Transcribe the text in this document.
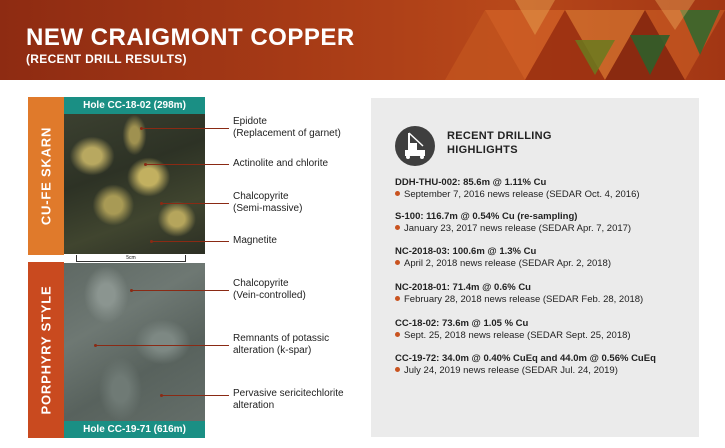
NEW CRAIGMONT COPPER
(RECENT DRILL RESULTS)
CU-FE SKARN
PORPHYRY STYLE
Hole CC-18-02 (298m)
5cm
Hole CC-19-71 (616m)
Epidote
(Replacement of garnet)
Actinolite and chlorite
Chalcopyrite
(Semi-massive)
Magnetite
Chalcopyrite
(Vein-controlled)
Remnants of potassic
alteration (k-spar)
Pervasive sericitechlorite
alteration
RECENT DRILLING
HIGHLIGHTS
DDH-THU-002: 85.6m @ 1.11% Cu
September 7, 2016 news release (SEDAR Oct. 4, 2016)
S-100: 116.7m @ 0.54% Cu (re-sampling)
January 23, 2017 news release (SEDAR Apr. 7, 2017)
NC-2018-03: 100.6m @ 1.3% Cu
April 2, 2018 news release (SEDAR Apr. 2, 2018)
NC-2018-01: 71.4m @ 0.6% Cu
February 28, 2018 news release (SEDAR Feb. 28, 2018)
CC-18-02: 73.6m @ 1.05 % Cu
Sept. 25, 2018 news release (SEDAR Sept. 25, 2018)
CC-19-72: 34.0m @ 0.40% CuEq and 44.0m @ 0.56% CuEq
July 24, 2019 news release (SEDAR Jul. 24, 2019)
